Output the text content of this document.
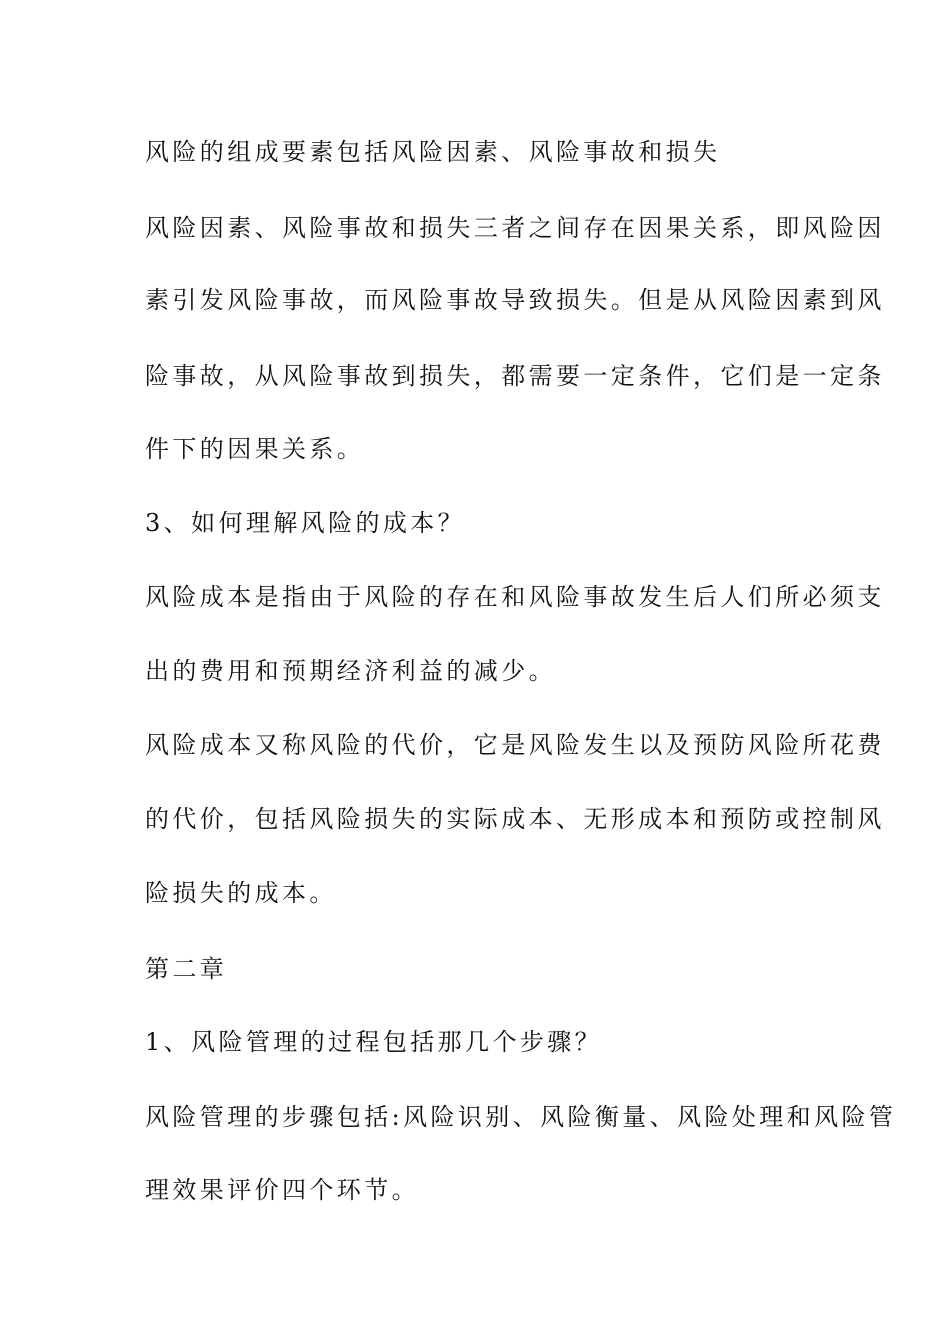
风险的组成要素包括风险因素、风险事故和损失

风险因素、风险事故和损失三者之间存在因果关系，即风险因

素引发风险事故，而风险事故导致损失。但是从风险因素到风

险事故，从风险事故到损失，都需要一定条件，它们是一定条

件下的因果关系。

3、如何理解风险的成本？

风险成本是指由于风险的存在和风险事故发生后人们所必须支

出的费用和预期经济利益的减少。

风险成本又称风险的代价，它是风险发生以及预防风险所花费

的代价，包括风险损失的实际成本、无形成本和预防或控制风

险损失的成本。

第二章

1、风险管理的过程包括那几个步骤？

风险管理的步骤包括:风险识别、风险衡量、风险处理和风险管

理效果评价四个环节。
